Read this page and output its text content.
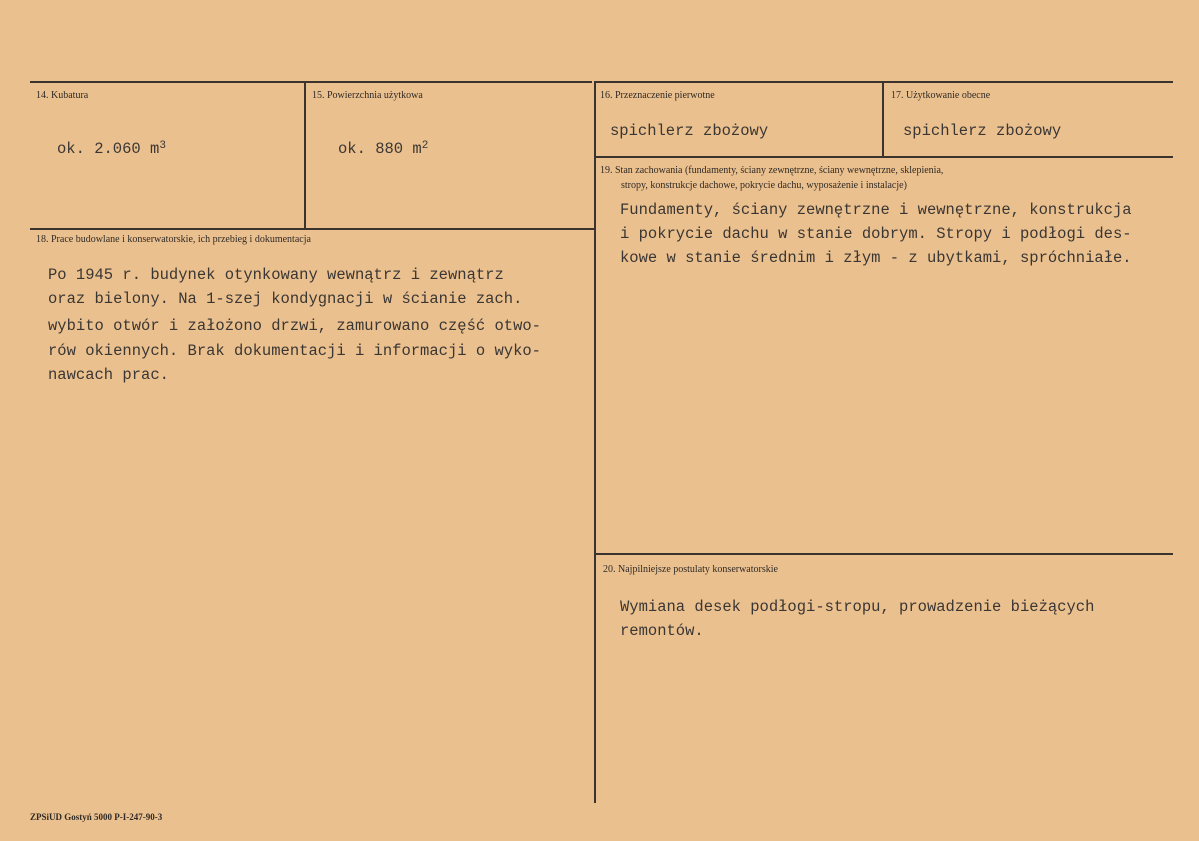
14. Kubatura
ok. 2.060 $m^3$
15. Powierzchnia użytkowa
ok. 880 $m^2$
16. Przeznaczenie pierwotne
spichlerz zbożowy
17. Użytkowanie obecne
spichlerz zbożowy
19. Stan zachowania (fundamenty, ściany zewnętrzne, ściany wewnętrzne, sklepienia,
stropy, konstrukcje dachowe, pokrycie dachu, wyposażenie i instalacje)
Fundamenty, ściany zewnętrzne i wewnętrzne, konstrukcja
i pokrycie dachu w stanie dobrym. Stropy i podłogi des-
kowe w stanie średnim i złym - z ubytkami, spróchniałe.
18. Prace budowlane i konserwatorskie, ich przebieg i dokumentacja
Po 1945 r. budynek otynkowany wewnątrz i zewnątrz
oraz bielony. Na 1-szej kondygnacji w ścianie zach.
wybito otwór i założono drzwi, zamurowano część otwo-
rów okiennych. Brak dokumentacji i informacji o wyko-
nawcach prac.
20. Najpilniejsze postulaty konserwatorskie
Wymiana desek podłogi-stropu, prowadzenie bieżących
remontów.
ZPSiUD Gostyń 5000 P-I-247-90-3
